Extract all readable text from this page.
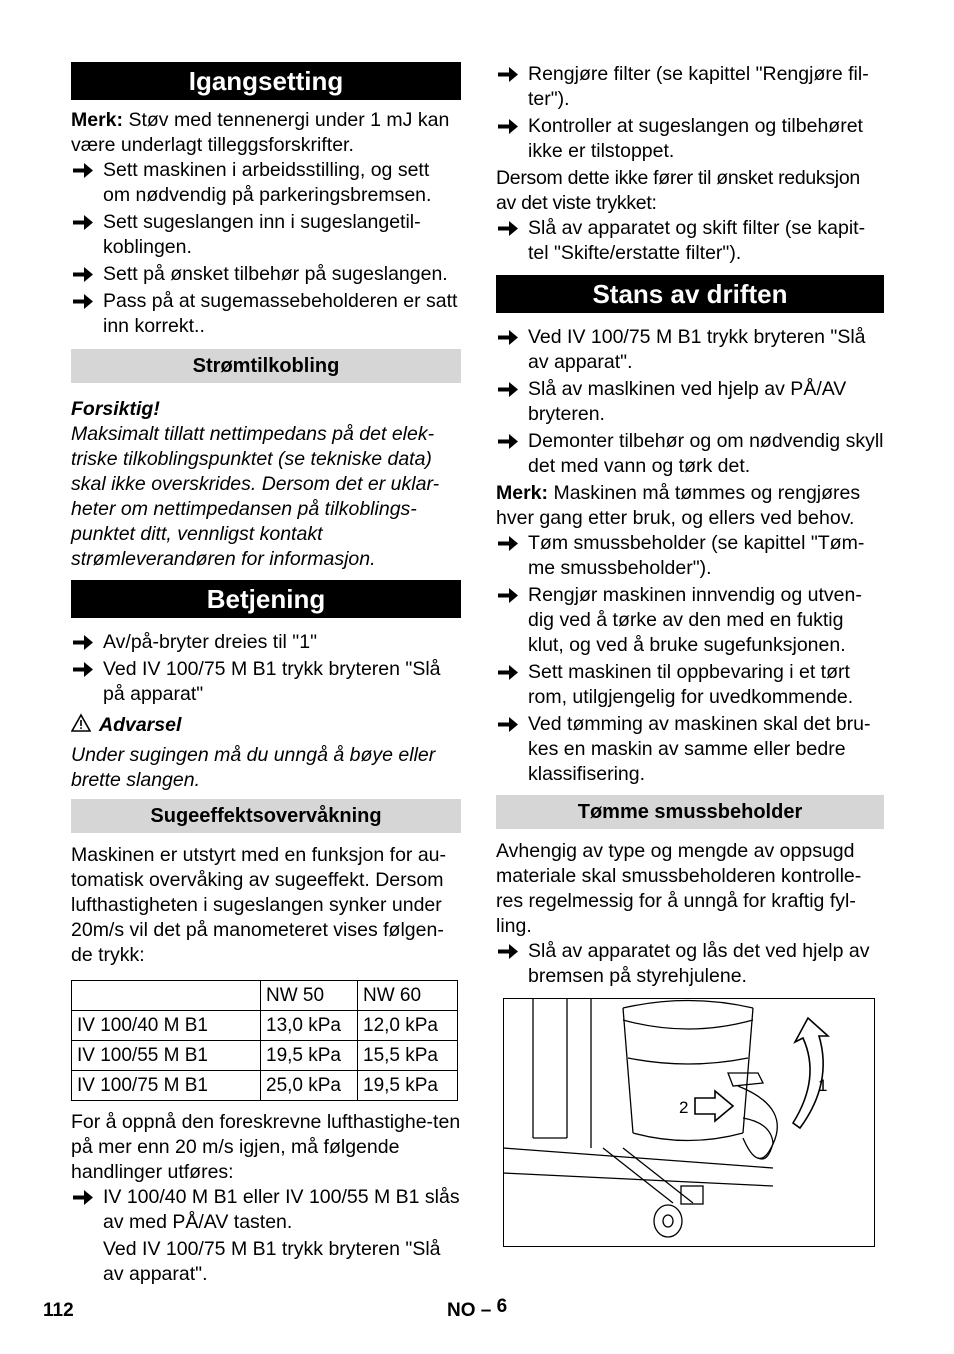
Igangsetting

Merk: Støv med tennenergi under 1 mJ kan være underlagt tilleggsforskrifter.

Sett maskinen i arbeidsstilling, og sett om nødvendig på parkeringsbremsen.
Sett sugeslangen inn i sugeslangetil-koblingen.
Sett på ønsket tilbehør på sugeslangen.
Pass på at sugemassebeholderen er satt inn korrekt..
Strømtilkobling

Forsiktig!

Maksimalt tillatt nettimpedans på det elek-triske tilkoblingspunktet (se tekniske data) skal ikke overskrides. Dersom det er uklar-heter om nettimpedansen på tilkoblings-punktet ditt, vennligst kontakt strømleverandøren for informasjon.

Betjening
Av/på-bryter dreies til "1"
Ved IV 100/75 M B1 trykk bryteren "Slå på apparat"

Advarsel

Under sugingen må du unngå å bøye eller brette slangen.

Sugeeffektsovervåkning

Maskinen er utstyrt med en funksjon for au-tomatisk overvåking av sugeeffekt. Dersom lufthastigheten i sugeslangen synker under 20m/s vil det på manometeret vises følgen-de trykk:

	NW 50	NW 60
IV 100/40 M B1	13,0 kPa	12,0 kPa
IV 100/55 M B1	19,5 kPa	15,5 kPa
IV 100/75 M B1	25,0 kPa	19,5 kPa

For å oppnå den foreskrevne lufthastighe-ten på mer enn 20 m/s igjen, må følgende handlinger utføres:

IV 100/40 M B1 eller IV 100/55 M B1 slås av med PÅ/AV tasten.

Ved IV 100/75 M B1 trykk bryteren "Slå av apparat".

Rengjøre filter (se kapittel "Rengjøre fil-ter").
Kontroller at sugeslangen og tilbehøret ikke er tilstoppet.

Dersom dette ikke fører til ønsket reduksjon av det viste trykket:

Slå av apparatet og skift filter (se kapit-tel "Skifte/erstatte filter").
Stans av driften
Ved IV 100/75 M B1 trykk bryteren "Slå av apparat".
Slå av maslkinen ved hjelp av PÅ/AV bryteren.
Demonter tilbehør og om nødvendig skyll det med vann og tørk det.

Merk: Maskinen må tømmes og rengjøres hver gang etter bruk, og ellers ved behov.

Tøm smussbeholder (se kapittel "Tøm-me smussbeholder").
Rengjør maskinen innvendig og utven-dig ved å tørke av den med en fuktig klut, og ved å bruke sugefunksjonen.
Sett maskinen til oppbevaring i et tørt rom, utilgjengelig for uvedkommende.
Ved tømming av maskinen skal det bru-kes en maskin av samme eller bedre klassifisering.
Tømme smussbeholder

Avhengig av type og mengde av oppsugd materiale skal smussbeholderen kontrolle-res regelmessig for å unngå for kraftig fyl-ling.

Slå av apparatet og lås det ved hjelp av bremsen på styrehjulene.
1
2
112	NO – 6
